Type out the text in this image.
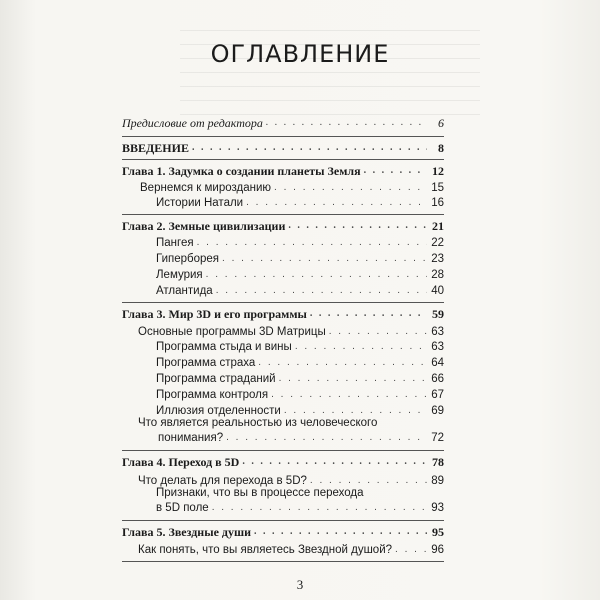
ОГЛАВЛЕНИЕ
Предисловие от редактора . . .	6
ВВЕДЕНИЕ . . .	8
Глава 1. Задумка о создании планеты Земля . . .	12
Вернемся к мирозданию . . .	15
Истории Натали . . .	16
Глава 2. Земные цивилизации . . .	21
Пангея . . .	22
Гиперборея . . .	23
Лемурия . . .	28
Атлантида . . .	40
Глава 3. Мир 3D и его программы . . .	59
Основные программы 3D Матрицы . . .	63
Программа стыда и вины . . .	63
Программа страха . . .	64
Программа страданий . . .	66
Программа контроля . . .	67
Иллюзия отделенности . . .	69
Что является реальностью из человеческого
понимания? . . .	72
Глава 4. Переход в 5D . . .	78
Что делать для перехода в 5D? . . .	89
Признаки, что вы в процессе перехода
в 5D поле . . .	93
Глава 5. Звездные души . . .	95
Как понять, что вы являетесь Звездной душой? . . .	96
3
